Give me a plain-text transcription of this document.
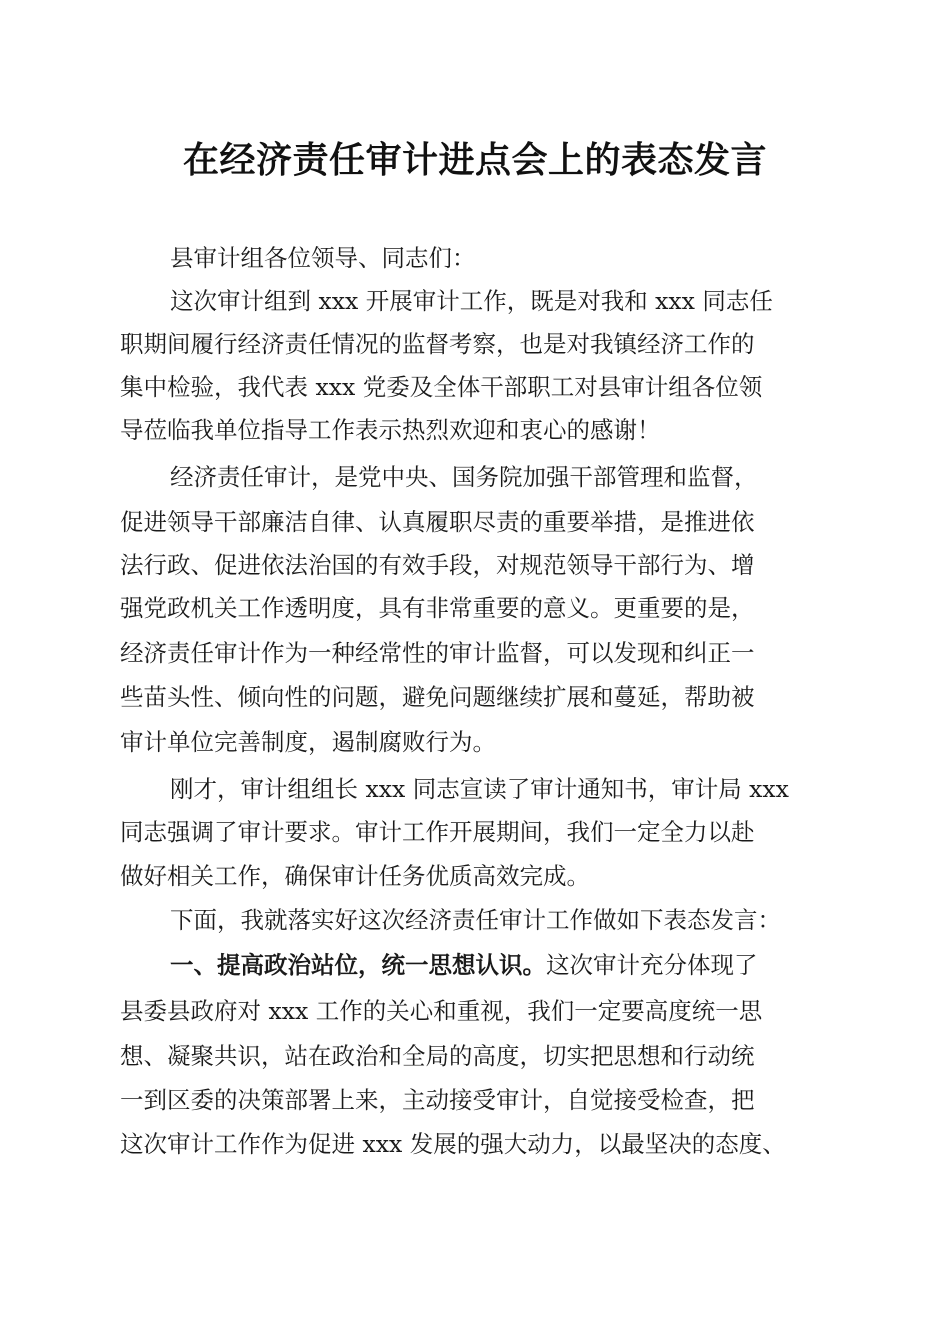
在经济责任审计进点会上的表态发言

县审计组各位领导、同志们：

这次审计组到 xxx 开展审计工作，既是对我和 xxx 同志任

职期间履行经济责任情况的监督考察，也是对我镇经济工作的

集中检验，我代表 xxx 党委及全体干部职工对县审计组各位领

导莅临我单位指导工作表示热烈欢迎和衷心的感谢！

经济责任审计，是党中央、国务院加强干部管理和监督，

促进领导干部廉洁自律、认真履职尽责的重要举措，是推进依

法行政、促进依法治国的有效手段，对规范领导干部行为、增

强党政机关工作透明度，具有非常重要的意义。更重要的是，

经济责任审计作为一种经常性的审计监督，可以发现和纠正一

些苗头性、倾向性的问题，避免问题继续扩展和蔓延，帮助被

审计单位完善制度，遏制腐败行为。

刚才，审计组组长 xxx 同志宣读了审计通知书，审计局 xxx

同志强调了审计要求。审计工作开展期间，我们一定全力以赴

做好相关工作，确保审计任务优质高效完成。

下面，我就落实好这次经济责任审计工作做如下表态发言：

一、提高政治站位，统一思想认识。这次审计充分体现了

县委县政府对 xxx 工作的关心和重视，我们一定要高度统一思

想、凝聚共识，站在政治和全局的高度，切实把思想和行动统

一到区委的决策部署上来，主动接受审计，自觉接受检查，把

这次审计工作作为促进 xxx 发展的强大动力，以最坚决的态度、
